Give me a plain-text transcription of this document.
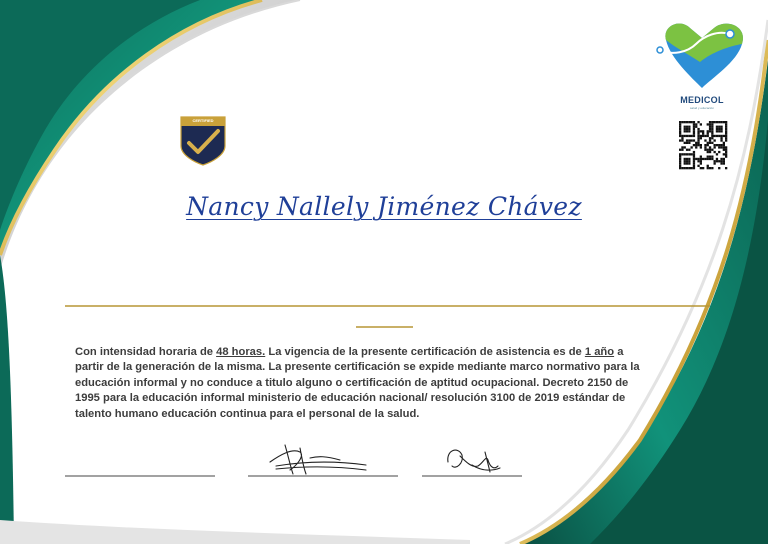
CERTIFIED
MEDICOL
salud y educación
Nancy Nallely Jiménez Chávez
Con intensidad horaria de 48 horas. La vigencia de la presente certificación de asistencia es de 1 año a partir de la generación de la misma. La presente certificación se expide mediante marco normativo para la educación informal y no conduce a titulo alguno o certificación de aptitud ocupacional. Decreto 2150 de 1995 para la educación informal ministerio de educación nacional/ resolución 3100 de 2019 estándar de talento humano educación continua para el personal de la salud.
